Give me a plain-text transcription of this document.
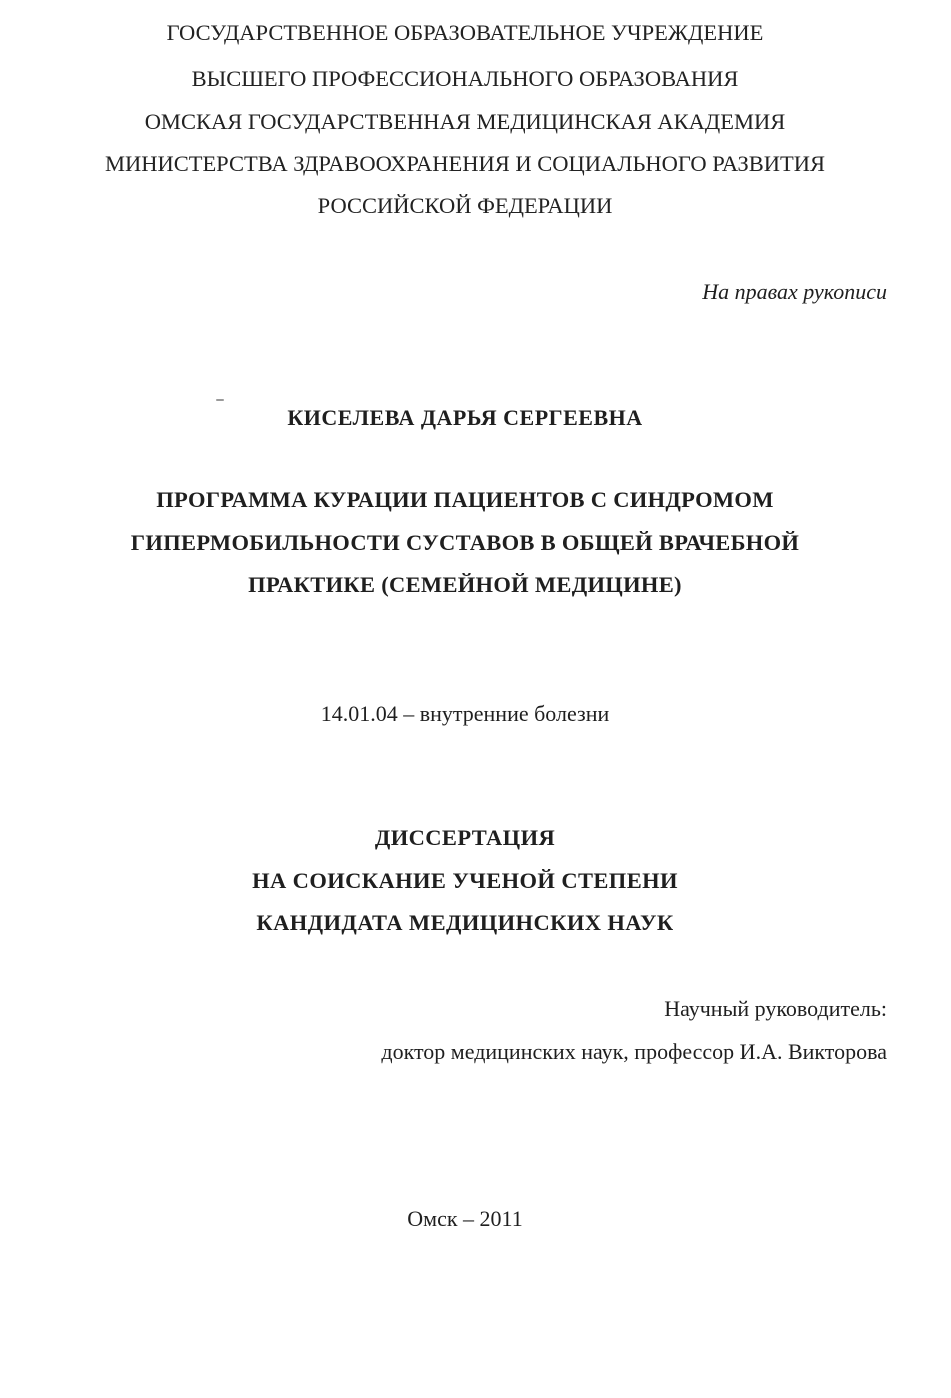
ГОСУДАРСТВЕННОЕ ОБРАЗОВАТЕЛЬНОЕ УЧРЕЖДЕНИЕ
ВЫСШЕГО ПРОФЕССИОНАЛЬНОГО ОБРАЗОВАНИЯ
ОМСКАЯ ГОСУДАРСТВЕННАЯ МЕДИЦИНСКАЯ АКАДЕМИЯ
МИНИСТЕРСТВА ЗДРАВООХРАНЕНИЯ И СОЦИАЛЬНОГО РАЗВИТИЯ
РОССИЙСКОЙ ФЕДЕРАЦИИ
На правах рукописи
КИСЕЛЕВА ДАРЬЯ СЕРГЕЕВНА
ПРОГРАММА КУРАЦИИ ПАЦИЕНТОВ С СИНДРОМОМ
ГИПЕРМОБИЛЬНОСТИ СУСТАВОВ В ОБЩЕЙ ВРАЧЕБНОЙ
ПРАКТИКЕ (СЕМЕЙНОЙ МЕДИЦИНЕ)
14.01.04 – внутренние болезни
ДИССЕРТАЦИЯ
НА СОИСКАНИЕ УЧЕНОЙ СТЕПЕНИ
КАНДИДАТА МЕДИЦИНСКИХ НАУК
Научный руководитель:
доктор медицинских наук, профессор И.А. Викторова
Омск – 2011
